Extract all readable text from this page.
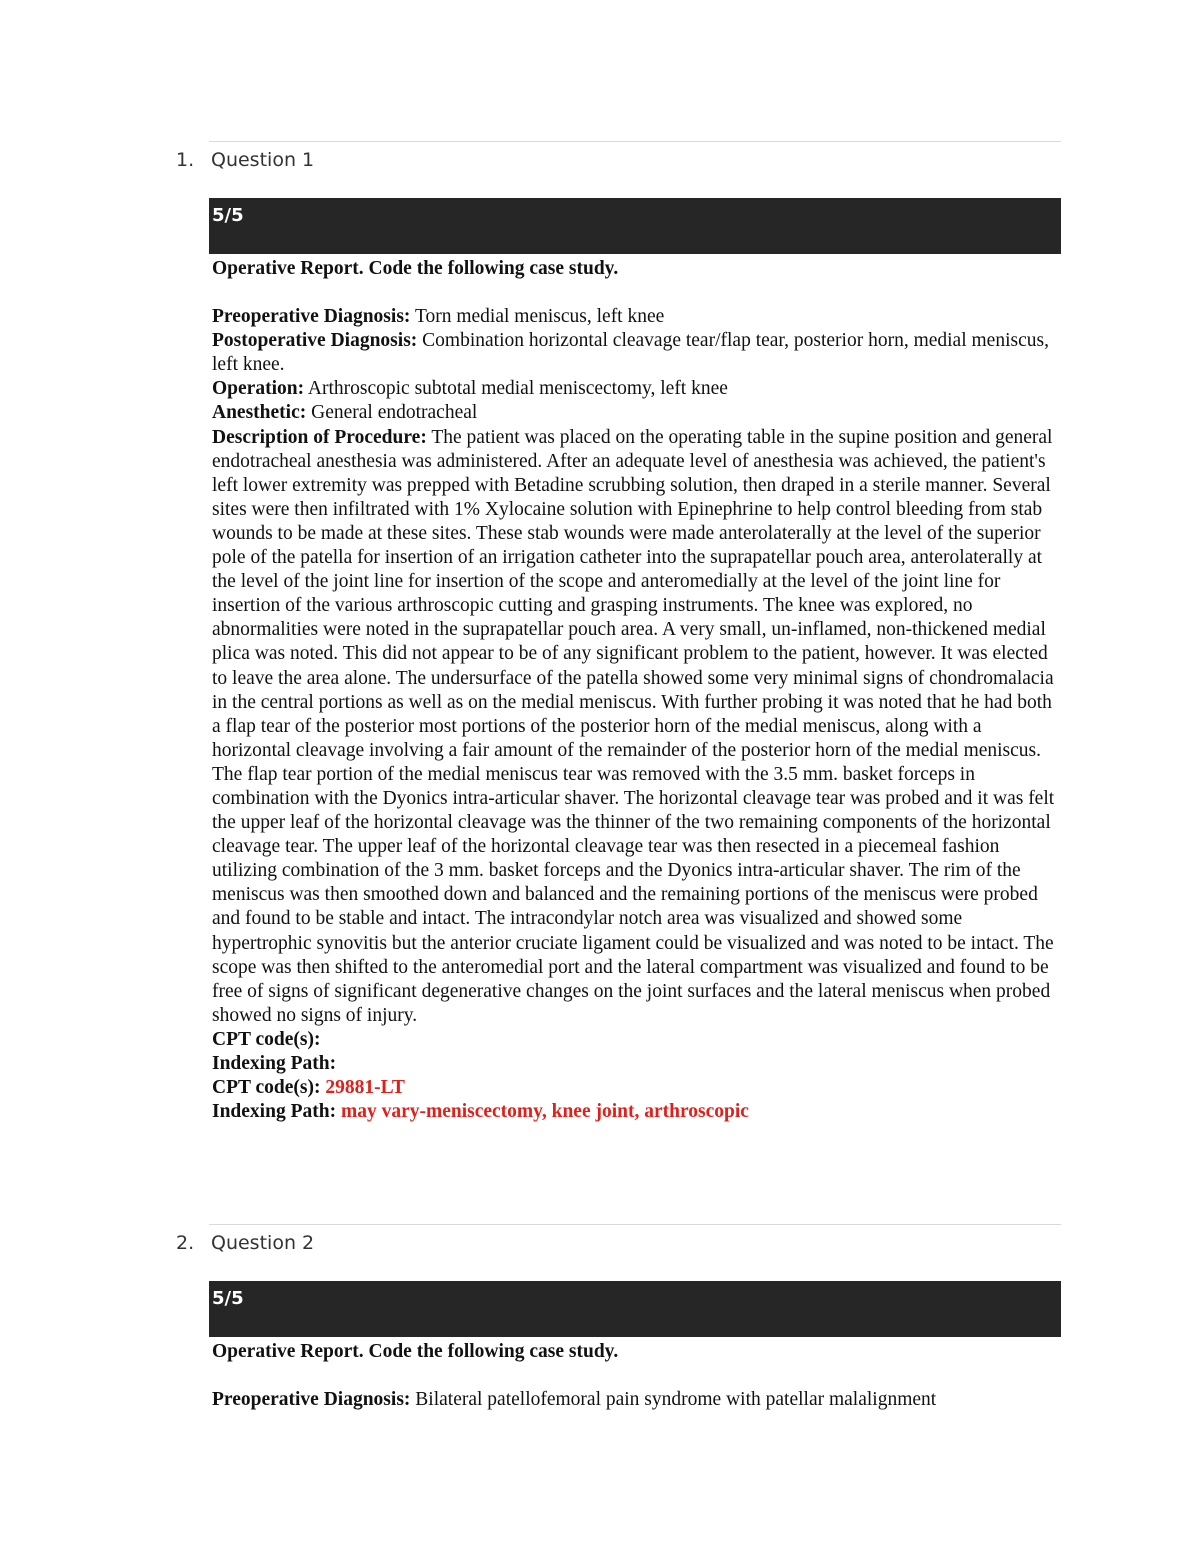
1. Question 1
5/5

Operative Report. Code the following case study.

Preoperative Diagnosis: Torn medial meniscus, left knee

Postoperative Diagnosis: Combination horizontal cleavage tear/flap tear, posterior horn, medial meniscus, left knee.

Operation: Arthroscopic subtotal medial meniscectomy, left knee

Anesthetic: General endotracheal

Description of Procedure: The patient was placed on the operating table in the supine position and general endotracheal anesthesia was administered. After an adequate level of anesthesia was achieved, the patient's left lower extremity was prepped with Betadine scrubbing solution, then draped in a sterile manner. Several sites were then infiltrated with 1% Xylocaine solution with Epinephrine to help control bleeding from stab wounds to be made at these sites. These stab wounds were made anterolaterally at the level of the superior pole of the patella for insertion of an irrigation catheter into the suprapatellar pouch area, anterolaterally at the level of the joint line for insertion of the scope and anteromedially at the level of the joint line for insertion of the various arthroscopic cutting and grasping instruments. The knee was explored, no abnormalities were noted in the suprapatellar pouch area. A very small, un-inflamed, non-thickened medial plica was noted. This did not appear to be of any significant problem to the patient, however. It was elected to leave the area alone. The undersurface of the patella showed some very minimal signs of chondromalacia in the central portions as well as on the medial meniscus. With further probing it was noted that he had both a flap tear of the posterior most portions of the posterior horn of the medial meniscus, along with a horizontal cleavage involving a fair amount of the remainder of the posterior horn of the medial meniscus. The flap tear portion of the medial meniscus tear was removed with the 3.5 mm. basket forceps in combination with the Dyonics intra-articular shaver. The horizontal cleavage tear was probed and it was felt the upper leaf of the horizontal cleavage was the thinner of the two remaining components of the horizontal cleavage tear. The upper leaf of the horizontal cleavage tear was then resected in a piecemeal fashion utilizing combination of the 3 mm. basket forceps and the Dyonics intra-articular shaver. The rim of the meniscus was then smoothed down and balanced and the remaining portions of the meniscus were probed and found to be stable and intact. The intracondylar notch area was visualized and showed some hypertrophic synovitis but the anterior cruciate ligament could be visualized and was noted to be intact. The scope was then shifted to the anteromedial port and the lateral compartment was visualized and found to be free of signs of significant degenerative changes on the joint surfaces and the lateral meniscus when probed showed no signs of injury.

CPT code(s):

Indexing Path:

CPT code(s): 29881-LT

Indexing Path: may vary-meniscectomy, knee joint, arthroscopic

2. Question 2
5/5

Operative Report. Code the following case study.

Preoperative Diagnosis: Bilateral patellofemoral pain syndrome with patellar malalignment
